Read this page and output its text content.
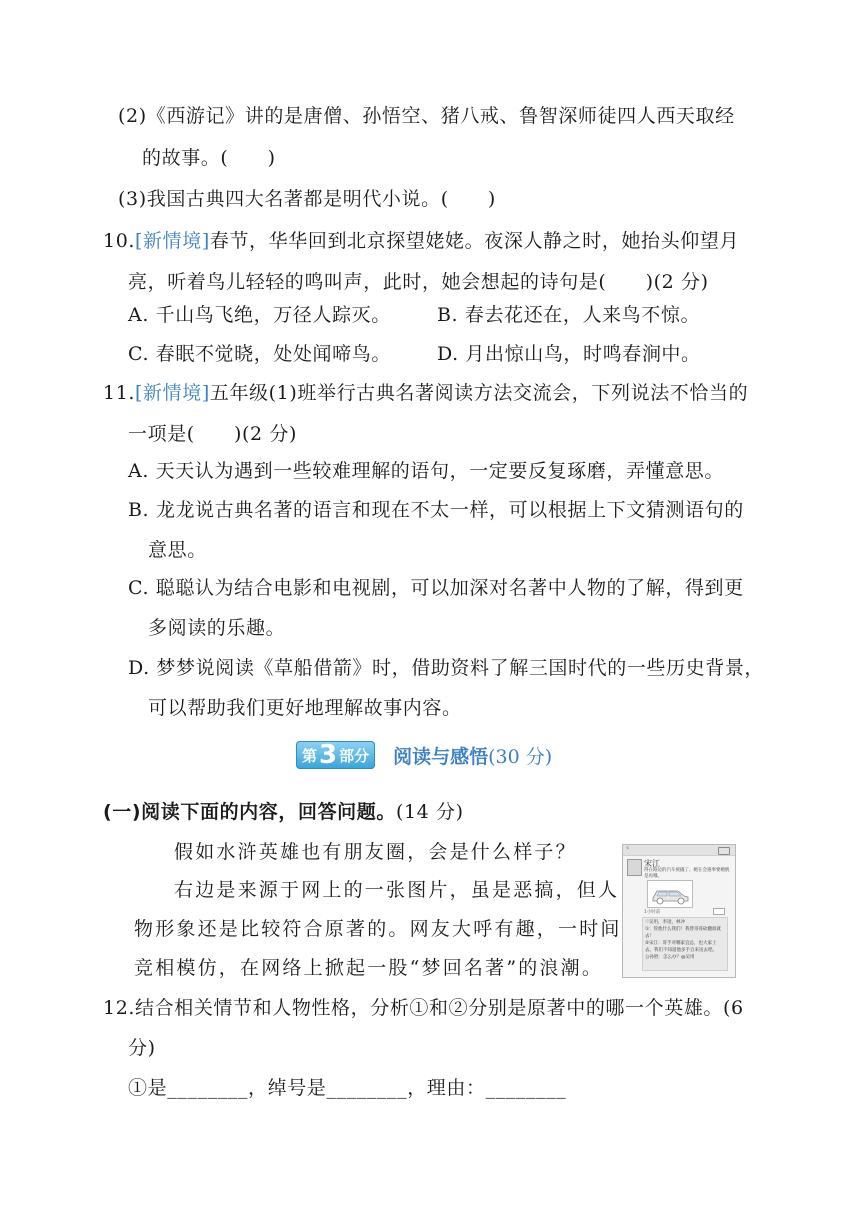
(2)《西游记》讲的是唐僧、孙悟空、猪八戒、鲁智深师徒四人西天取经
的故事。(　　)
(3)我国古典四大名著都是明代小说。(　　)
10.[新情境]春节，华华回到北京探望姥姥。夜深人静之时，她抬头仰望月
亮，听着鸟儿轻轻的鸣叫声，此时，她会想起的诗句是(　　)(2 分)
A. 千山鸟飞绝，万径人踪灭。 B. 春去花还在，人来鸟不惊。
C. 春眠不觉晓，处处闻啼鸟。 D. 月出惊山鸟，时鸣春涧中。
11.[新情境]五年级(1)班举行古典名著阅读方法交流会，下列说法不恰当的
一项是(　　)(2 分)
A. 天天认为遇到一些较难理解的语句，一定要反复琢磨，弄懂意思。
B. 龙龙说古典名著的语言和现在不太一样，可以根据上下文猜测语句的
意思。
C. 聪聪认为结合电影和电视剧，可以加深对名著中人物的了解，得到更
多阅读的乐趣。
D. 梦梦说阅读《草船借箭》时，借助资料了解三国时代的一些历史背景，
可以帮助我们更好地理解故事内容。
第 3 部分 阅读与感悟(30 分)
(一)阅读下面的内容，回答问题。(14 分)
假如水浒英雄也有朋友圈，会是什么样子？
右边是来源于网上的一张图片，虽是恶搞，但人
物形象还是比较符合原著的。网友大呼有趣，一时间
竞相模仿，在网络上掀起一股“梦回名著”的浪潮。
‹
宋江
得在路边的汽车被撬了。她在会遇事要她帆是再哦。
1小时前
♡吴用，李逵，林冲
①：管他什么我们！我替哥哥砍翻谁就去！
②宋江：哥手对哪家宜总，也大家上去。我们不知道他多手自来送去吧。
公孙胜：怎么办？@吴用
12.结合相关情节和人物性格，分析①和②分别是原著中的哪一个英雄。(6
分)
①是________，绰号是________，理由：________
